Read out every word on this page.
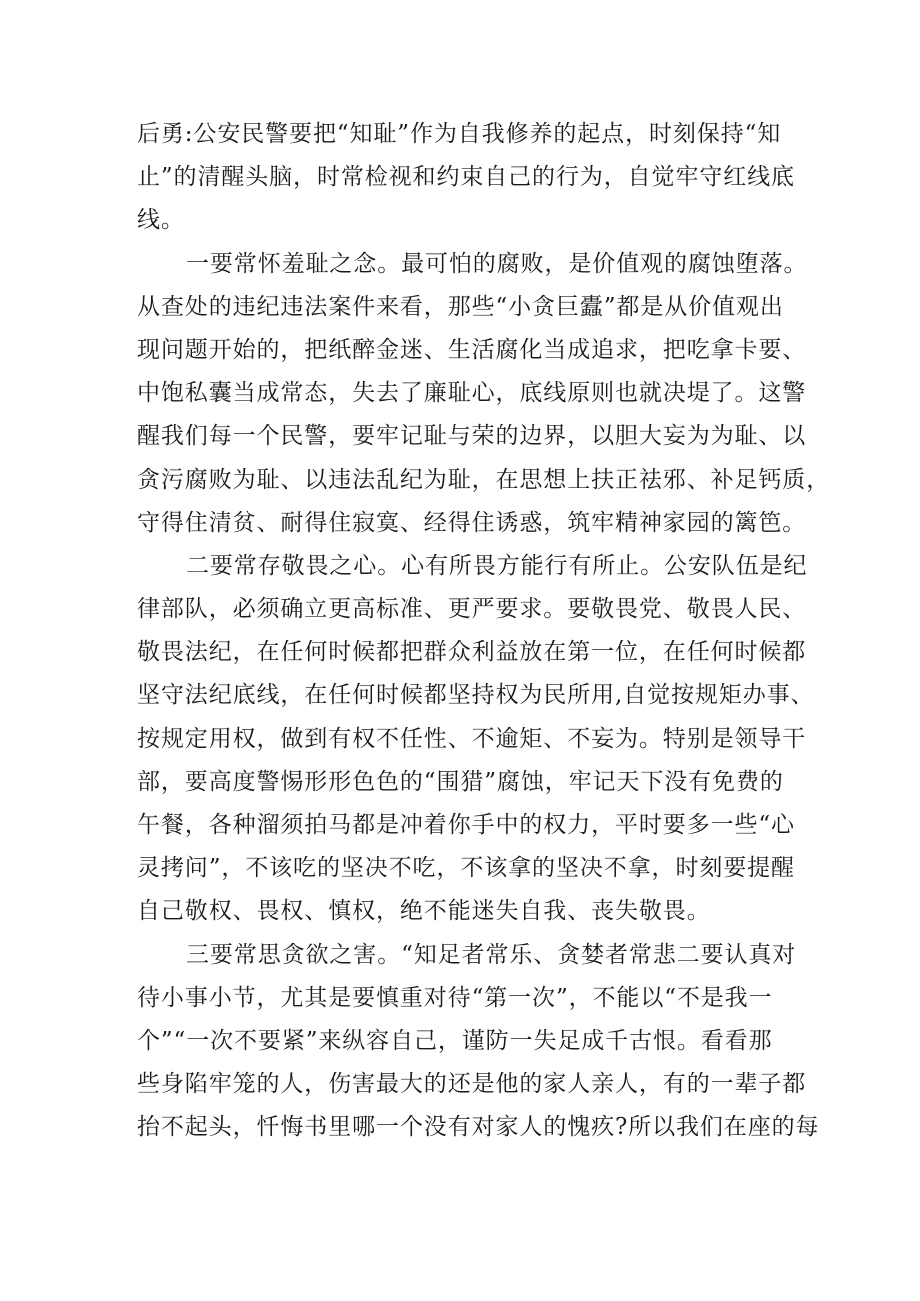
后勇:公安民警要把“知耻”作为自我修养的起点，时刻保持“知
止”的清醒头脑，时常检视和约束自己的行为，自觉牢守红线底
线。
一要常怀羞耻之念。最可怕的腐败，是价值观的腐蚀堕落。
从查处的违纪违法案件来看，那些“小贪巨蠹”都是从价值观出
现问题开始的，把纸醉金迷、生活腐化当成追求，把吃拿卡要、
中饱私囊当成常态，失去了廉耻心，底线原则也就决堤了。这警
醒我们每一个民警，要牢记耻与荣的边界，以胆大妄为为耻、以
贪污腐败为耻、以违法乱纪为耻，在思想上扶正祛邪、补足钙质，
守得住清贫、耐得住寂寞、经得住诱惑，筑牢精神家园的篱笆。
二要常存敬畏之心。心有所畏方能行有所止。公安队伍是纪
律部队，必须确立更高标准、更严要求。要敬畏党、敬畏人民、
敬畏法纪，在任何时候都把群众利益放在第一位，在任何时候都
坚守法纪底线，在任何时候都坚持权为民所用,自觉按规矩办事、
按规定用权，做到有权不任性、不逾矩、不妄为。特别是领导干
部，要高度警惕形形色色的“围猎”腐蚀，牢记天下没有免费的
午餐，各种溜须拍马都是冲着你手中的权力，平时要多一些“心
灵拷问”，不该吃的坚决不吃，不该拿的坚决不拿，时刻要提醒
自己敬权、畏权、慎权，绝不能迷失自我、丧失敬畏。
三要常思贪欲之害。“知足者常乐、贪婪者常悲二要认真对
待小事小节，尤其是要慎重对待“第一次”，不能以“不是我一
个”“一次不要紧”来纵容自己，谨防一失足成千古恨。看看那
些身陷牢笼的人，伤害最大的还是他的家人亲人，有的一辈子都
抬不起头，忏悔书里哪一个没有对家人的愧疚?所以我们在座的每
